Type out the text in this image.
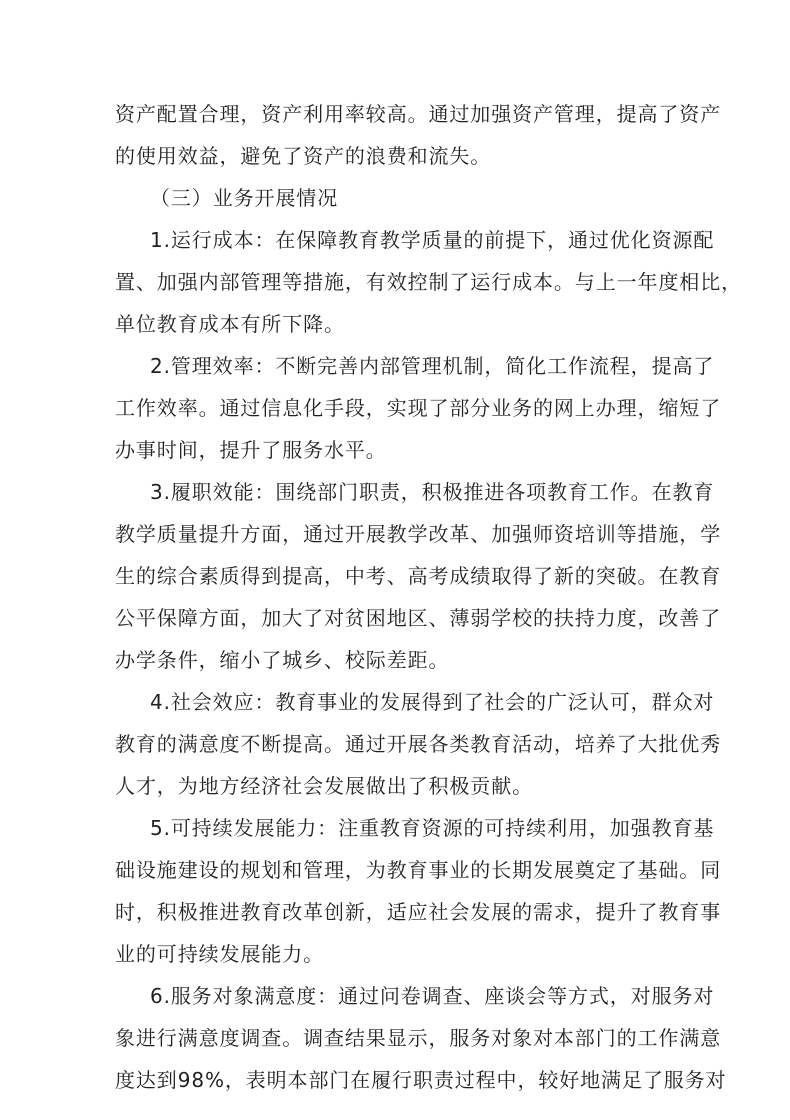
资产配置合理，资产利用率较高。通过加强资产管理，提高了资产
的使用效益，避免了资产的浪费和流失。
（三）业务开展情况
1.运行成本：在保障教育教学质量的前提下，通过优化资源配
置、加强内部管理等措施，有效控制了运行成本。与上一年度相比，
单位教育成本有所下降。
2.管理效率：不断完善内部管理机制，简化工作流程，提高了
工作效率。通过信息化手段，实现了部分业务的网上办理，缩短了
办事时间，提升了服务水平。
3.履职效能：围绕部门职责，积极推进各项教育工作。在教育
教学质量提升方面，通过开展教学改革、加强师资培训等措施，学
生的综合素质得到提高，中考、高考成绩取得了新的突破。在教育
公平保障方面，加大了对贫困地区、薄弱学校的扶持力度，改善了
办学条件，缩小了城乡、校际差距。
4.社会效应：教育事业的发展得到了社会的广泛认可，群众对
教育的满意度不断提高。通过开展各类教育活动，培养了大批优秀
人才，为地方经济社会发展做出了积极贡献。
5.可持续发展能力：注重教育资源的可持续利用，加强教育基
础设施建设的规划和管理，为教育事业的长期发展奠定了基础。同
时，积极推进教育改革创新，适应社会发展的需求，提升了教育事
业的可持续发展能力。
6.服务对象满意度：通过问卷调查、座谈会等方式，对服务对
象进行满意度调查。调查结果显示，服务对象对本部门的工作满意
度达到98%，表明本部门在履行职责过程中，较好地满足了服务对
